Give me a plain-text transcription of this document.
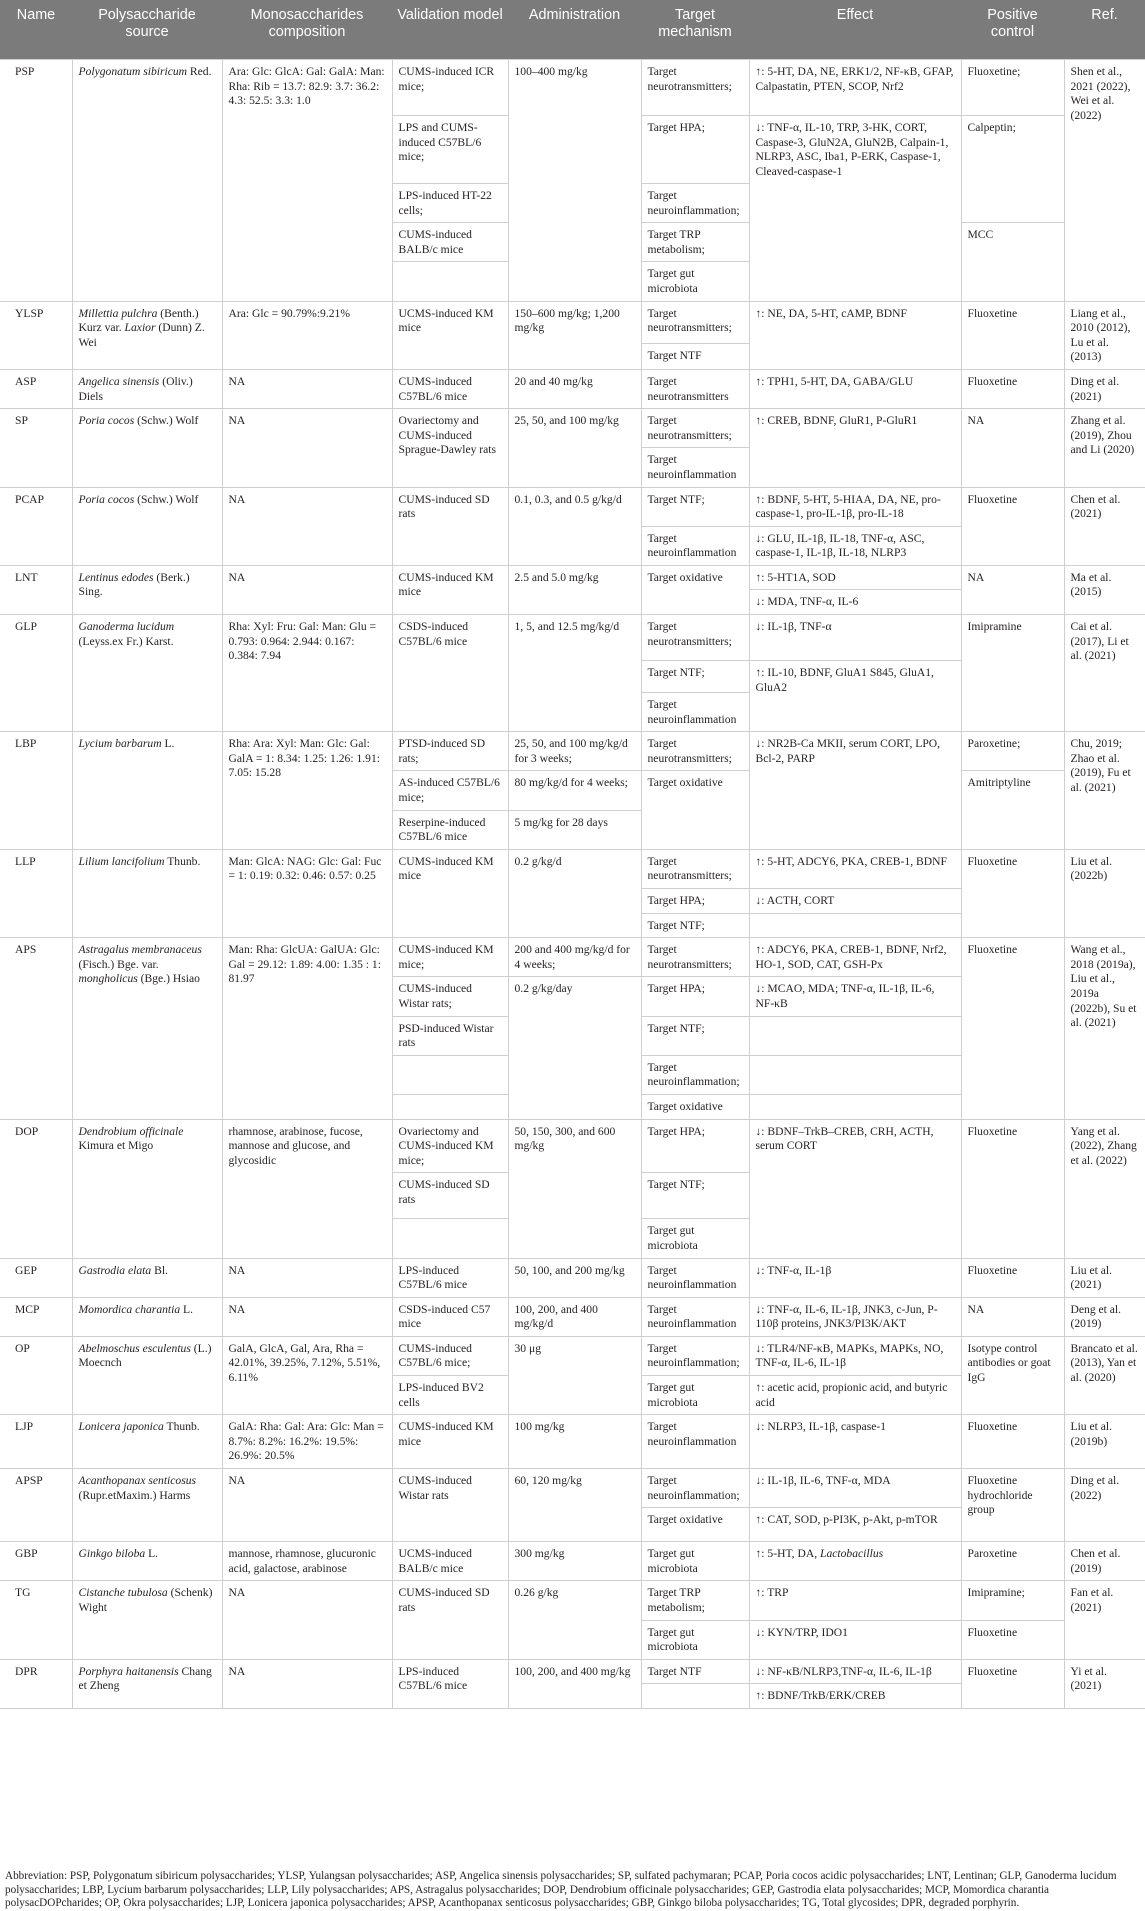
Name	Polysaccharide source	Monosaccharides composition	Validation model	Administration	Target mechanism	Effect	Positive control	Ref.
PSP	Polygonatum sibiricum Red.	Ara: Glc: GlcA: Gal: GalA: Man: Rha: Rib = 13.7: 82.9: 3.7: 36.2: 4.3: 52.5: 3.3: 1.0	CUMS-induced ICR mice;	100–400 mg/kg	Target neurotransmitters;	↑: 5-HT, DA, NE, ERK1/2, NF-κB, GFAP, Calpastatin, PTEN, SCOP, Nrf2	Fluoxetine;	Shen et al., 2021 (2022), Wei et al. (2022)
			LPS and CUMS-induced C57BL/6 mice;		Target HPA;	↓: TNF-α, IL-10, TRP, 3-HK, CORT, Caspase-3, GluN2A, GluN2B, Calpain-1, NLRP3, ASC, Iba1, P-ERK, Caspase-1, Cleaved-caspase-1	Calpeptin;	
			LPS-induced HT-22 cells;		Target neuroinflammation;			
			CUMS-induced BALB/c mice		Target TRP metabolism;		MCC	
					Target gut microbiota			
YLSP	Millettia pulchra (Benth.) Kurz var. Laxior (Dunn) Z. Wei	Ara: Glc = 90.79%:9.21%	UCMS-induced KM mice	150–600 mg/kg; 1,200 mg/kg	Target neurotransmitters;	↑: NE, DA, 5-HT, cAMP, BDNF	Fluoxetine	Liang et al., 2010 (2012), Lu et al. (2013)
					Target NTF			
ASP	Angelica sinensis (Oliv.) Diels	NA	CUMS-induced C57BL/6 mice	20 and 40 mg/kg	Target neurotransmitters	↑: TPH1, 5-HT, DA, GABA/GLU	Fluoxetine	Ding et al. (2021)
SP	Poria cocos (Schw.) Wolf	NA	Ovariectomy and CUMS-induced Sprague-Dawley rats	25, 50, and 100 mg/kg	Target neurotransmitters;	↑: CREB, BDNF, GluR1, P-GluR1	NA	Zhang et al. (2019), Zhou and Li (2020)
					Target neuroinflammation			
PCAP	Poria cocos (Schw.) Wolf	NA	CUMS-induced SD rats	0.1, 0.3, and 0.5 g/kg/d	Target NTF;	↑: BDNF, 5-HT, 5-HIAA, DA, NE, pro-caspase-1, pro-IL-1β, pro-IL-18	Fluoxetine	Chen et al. (2021)
					Target neuroinflammation	↓: GLU, IL-1β, IL-18, TNF-α, ASC, caspase-1, IL-1β, IL-18, NLRP3		
LNT	Lentinus edodes (Berk.) Sing.	NA	CUMS-induced KM mice	2.5 and 5.0 mg/kg	Target oxidative	↑: 5-HT1A, SOD	NA	Ma et al. (2015)
						↓: MDA, TNF-α, IL-6		
GLP	Ganoderma lucidum (Leyss.ex Fr.) Karst.	Rha: Xyl: Fru: Gal: Man: Glu = 0.793: 0.964: 2.944: 0.167: 0.384: 7.94	CSDS-induced C57BL/6 mice	1, 5, and 12.5 mg/kg/d	Target neurotransmitters;	↓: IL-1β, TNF-α	Imipramine	Cai et al. (2017), Li et al. (2021)
					Target NTF;	↑: IL-10, BDNF, GluA1 S845, GluA1, GluA2		
					Target neuroinflammation			
LBP	Lycium barbarum L.	Rha: Ara: Xyl: Man: Glc: Gal: GalA = 1: 8.34: 1.25: 1.26: 1.91: 7.05: 15.28	PTSD-induced SD rats;	25, 50, and 100 mg/kg/d for 3 weeks;	Target neurotransmitters;	↓: NR2B-Ca MKII, serum CORT, LPO, Bcl-2, PARP	Paroxetine;	Chu, 2019; Zhao et al. (2019), Fu et al. (2021)
			AS-induced C57BL/6 mice;	80 mg/kg/d for 4 weeks;	Target oxidative		Amitriptyline	
			Reserpine-induced C57BL/6 mice	5 mg/kg for 28 days				
LLP	Lilium lancifolium Thunb.	Man: GlcA: NAG: Glc: Gal: Fuc = 1: 0.19: 0.32: 0.46: 0.57: 0.25	CUMS-induced KM mice	0.2 g/kg/d	Target neurotransmitters;	↑: 5-HT, ADCY6, PKA, CREB-1, BDNF	Fluoxetine	Liu et al. (2022b)
					Target HPA;	↓: ACTH, CORT		
					Target NTF;			
APS	Astragalus membranaceus (Fisch.) Bge. var. mongholicus (Bge.) Hsiao	Man: Rha: GlcUA: GalUA: Glc: Gal = 29.12: 1.89: 4.00: 1.35 : 1: 81.97	CUMS-induced KM mice;	200 and 400 mg/kg/d for 4 weeks;	Target neurotransmitters;	↑: ADCY6, PKA, CREB-1, BDNF, Nrf2, HO-1, SOD, CAT, GSH-Px	Fluoxetine	Wang et al., 2018 (2019a), Liu et al., 2019a (2022b), Su et al. (2021)
			CUMS-induced Wistar rats;	0.2 g/kg/day	Target HPA;	↓: MCAO, MDA; TNF-α, IL-1β, IL-6, NF-κB		
			PSD-induced Wistar rats		Target NTF;			
					Target neuroinflammation;			
					Target oxidative			
DOP	Dendrobium officinale Kimura et Migo	rhamnose, arabinose, fucose, mannose and glucose, and glycosidic	Ovariectomy and CUMS-induced KM mice;	50, 150, 300, and 600 mg/kg	Target HPA;	↓: BDNF–TrkB–CREB, CRH, ACTH, serum CORT	Fluoxetine	Yang et al. (2022), Zhang et al. (2022)
			CUMS-induced SD rats		Target NTF;			
					Target gut microbiota			
GEP	Gastrodia elata Bl.	NA	LPS-induced C57BL/6 mice	50, 100, and 200 mg/kg	Target neuroinflammation	↓: TNF-α, IL-1β	Fluoxetine	Liu et al. (2021)
MCP	Momordica charantia L.	NA	CSDS-induced C57 mice	100, 200, and 400 mg/kg/d	Target neuroinflammation	↓: TNF-α, IL-6, IL-1β, JNK3, c-Jun, P-110β proteins, JNK3/PI3K/AKT	NA	Deng et al. (2019)
OP	Abelmoschus esculentus (L.) Moecnch	GalA, GlcA, Gal, Ara, Rha = 42.01%, 39.25%, 7.12%, 5.51%, 6.11%	CUMS-induced C57BL/6 mice;	30 μg	Target neuroinflammation;	↓: TLR4/NF-κB, MAPKs, MAPKs, NO, TNF-α, IL-6, IL-1β	Isotype control antibodies or goat IgG	Brancato et al. (2013), Yan et al. (2020)
			LPS-induced BV2 cells		Target gut microbiota	↑: acetic acid, propionic acid, and butyric acid		
LJP	Lonicera japonica Thunb.	GalA: Rha: Gal: Ara: Glc: Man = 8.7%: 8.2%: 16.2%: 19.5%: 26.9%: 20.5%	CUMS-induced KM mice	100 mg/kg	Target neuroinflammation	↓: NLRP3, IL-1β, caspase-1	Fluoxetine	Liu et al. (2019b)
APSP	Acanthopanax senticosus (Rupr.etMaxim.) Harms	NA	CUMS-induced Wistar rats	60, 120 mg/kg	Target neuroinflammation;	↓: IL-1β, IL-6, TNF-α, MDA	Fluoxetine hydrochloride group	Ding et al. (2022)
					Target oxidative	↑: CAT, SOD, p-PI3K, p-Akt, p-mTOR		
GBP	Ginkgo biloba L.	mannose, rhamnose, glucuronic acid, galactose, arabinose	UCMS-induced BALB/c mice	300 mg/kg	Target gut microbiota	↑: 5-HT, DA, Lactobacillus	Paroxetine	Chen et al. (2019)
TG	Cistanche tubulosa (Schenk) Wight	NA	CUMS-induced SD rats	0.26 g/kg	Target TRP metabolism;	↑: TRP	Imipramine;	Fan et al. (2021)
					Target gut microbiota	↓: KYN/TRP, IDO1	Fluoxetine	
DPR	Porphyra haitanensis Chang et Zheng	NA	LPS-induced C57BL/6 mice	100, 200, and 400 mg/kg	Target NTF	↓: NF-κB/NLRP3,TNF-α, IL-6, IL-1β	Fluoxetine	Yi et al. (2021)
						↑: BDNF/TrkB/ERK/CREB		
Abbreviation: PSP, Polygonatum sibiricum polysaccharides; YLSP, Yulangsan polysaccharides; ASP, Angelica sinensis polysaccharides; SP, sulfated pachymaran; PCAP, Poria cocos acidic polysaccharides; LNT, Lentinan; GLP, Ganoderma lucidum polysaccharides; LBP, Lycium barbarum polysaccharides; LLP, Lily polysaccharides; APS, Astragalus polysaccharides; DOP, Dendrobium officinale polysaccharides; GEP, Gastrodia elata polysaccharides; MCP, Momordica charantia polysacDOPcharides; OP, Okra polysaccharides; LJP, Lonicera japonica polysaccharides; APSP, Acanthopanax senticosus polysaccharides; GBP, Ginkgo biloba polysaccharides; TG, Total glycosides; DPR, degraded porphyrin.
